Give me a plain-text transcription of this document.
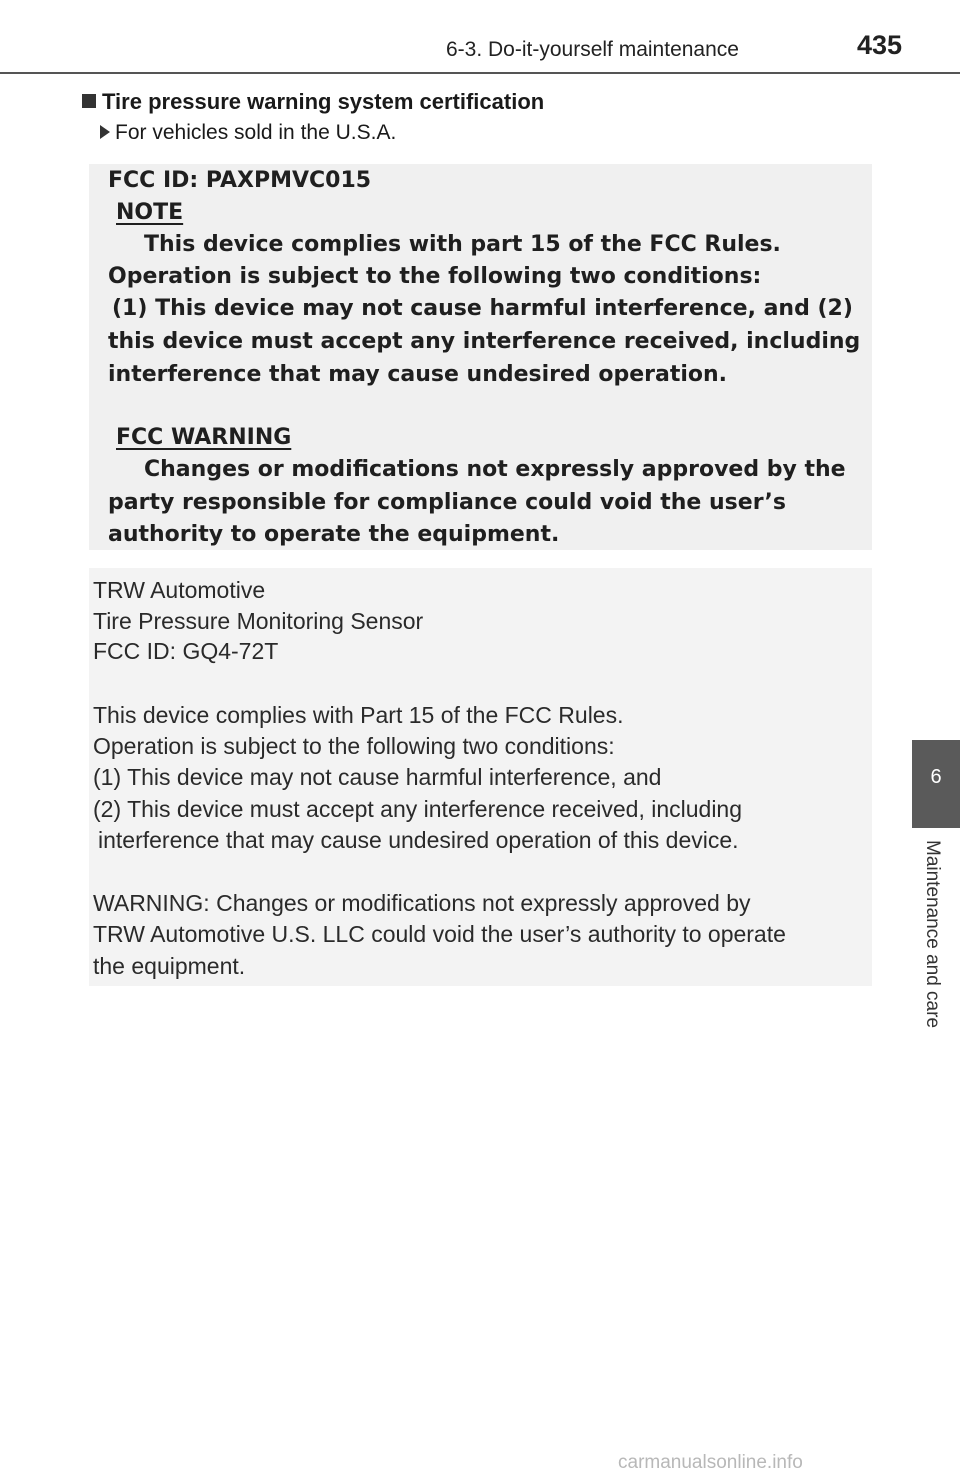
6-3. Do-it-yourself maintenance	435
6
Maintenance and care
Tire pressure warning system certification
For vehicles sold in the U.S.A.
FCC ID: PAXPMVC015
NOTE
This device complies with part 15 of the FCC Rules.
Operation is subject to the following two conditions:
(1) This device may not cause harmful interference, and (2)
this device must accept any interference received, including
interference that may cause undesired operation.
FCC WARNING
Changes or modifications not expressly approved by the
party responsible for compliance could void the user’s
authority to operate the equipment.
TRW Automotive
Tire Pressure Monitoring Sensor
FCC ID: GQ4-72T
This device complies with Part 15 of the FCC Rules.
Operation is subject to the following two conditions:
(1) This device may not cause harmful interference, and
(2) This device must accept any interference received, including
interference that may cause undesired operation of this device.
WARNING: Changes or modifications not expressly approved by
TRW Automotive U.S. LLC could void the user’s authority to operate
the equipment.
carmanualsonline.info
